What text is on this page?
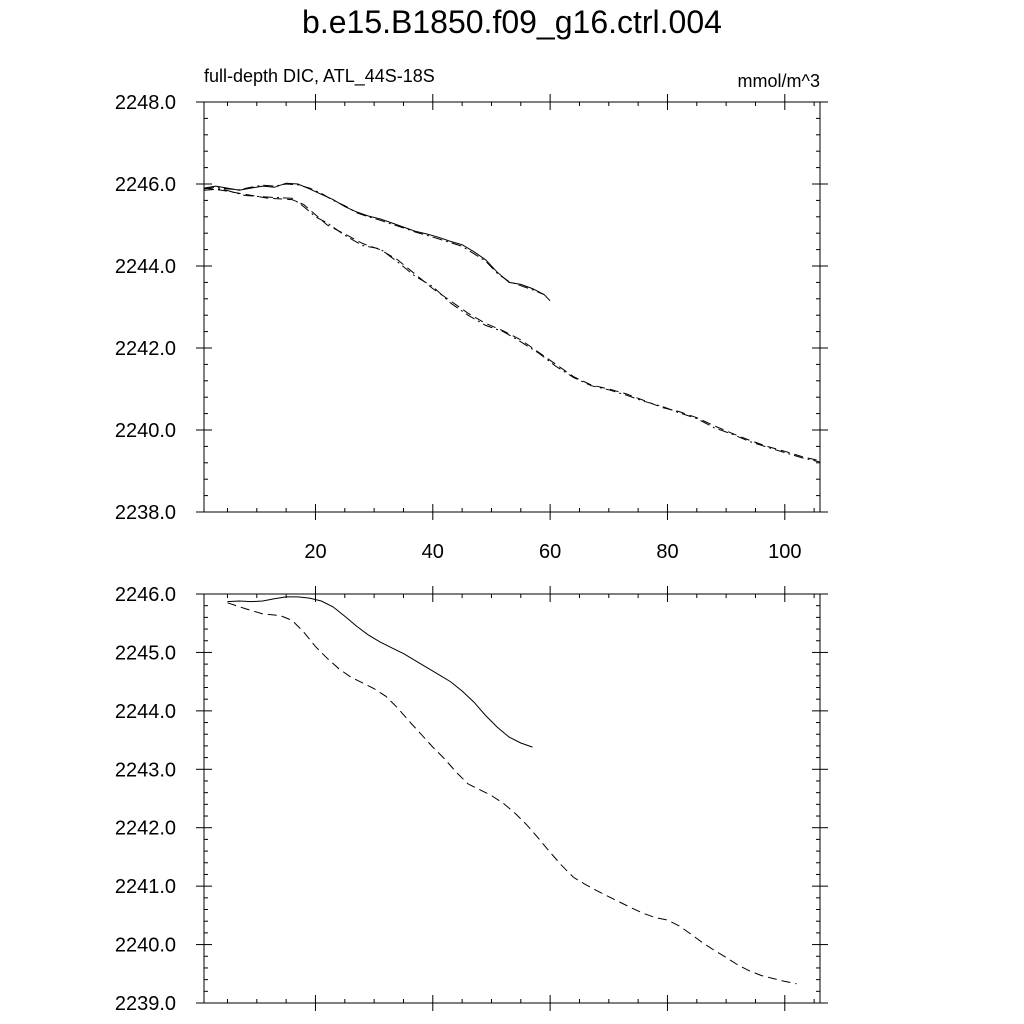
b.e15.B1850.f09_g16.ctrl.004
full-depth DIC, ATL_44S-18S	mmol/m^3
2238.0
2240.0
2242.0
2244.0
2246.0
2248.0
20	40	60	80	100
2239.0
2240.0
2241.0
2242.0
2243.0
2244.0
2245.0
2246.0
